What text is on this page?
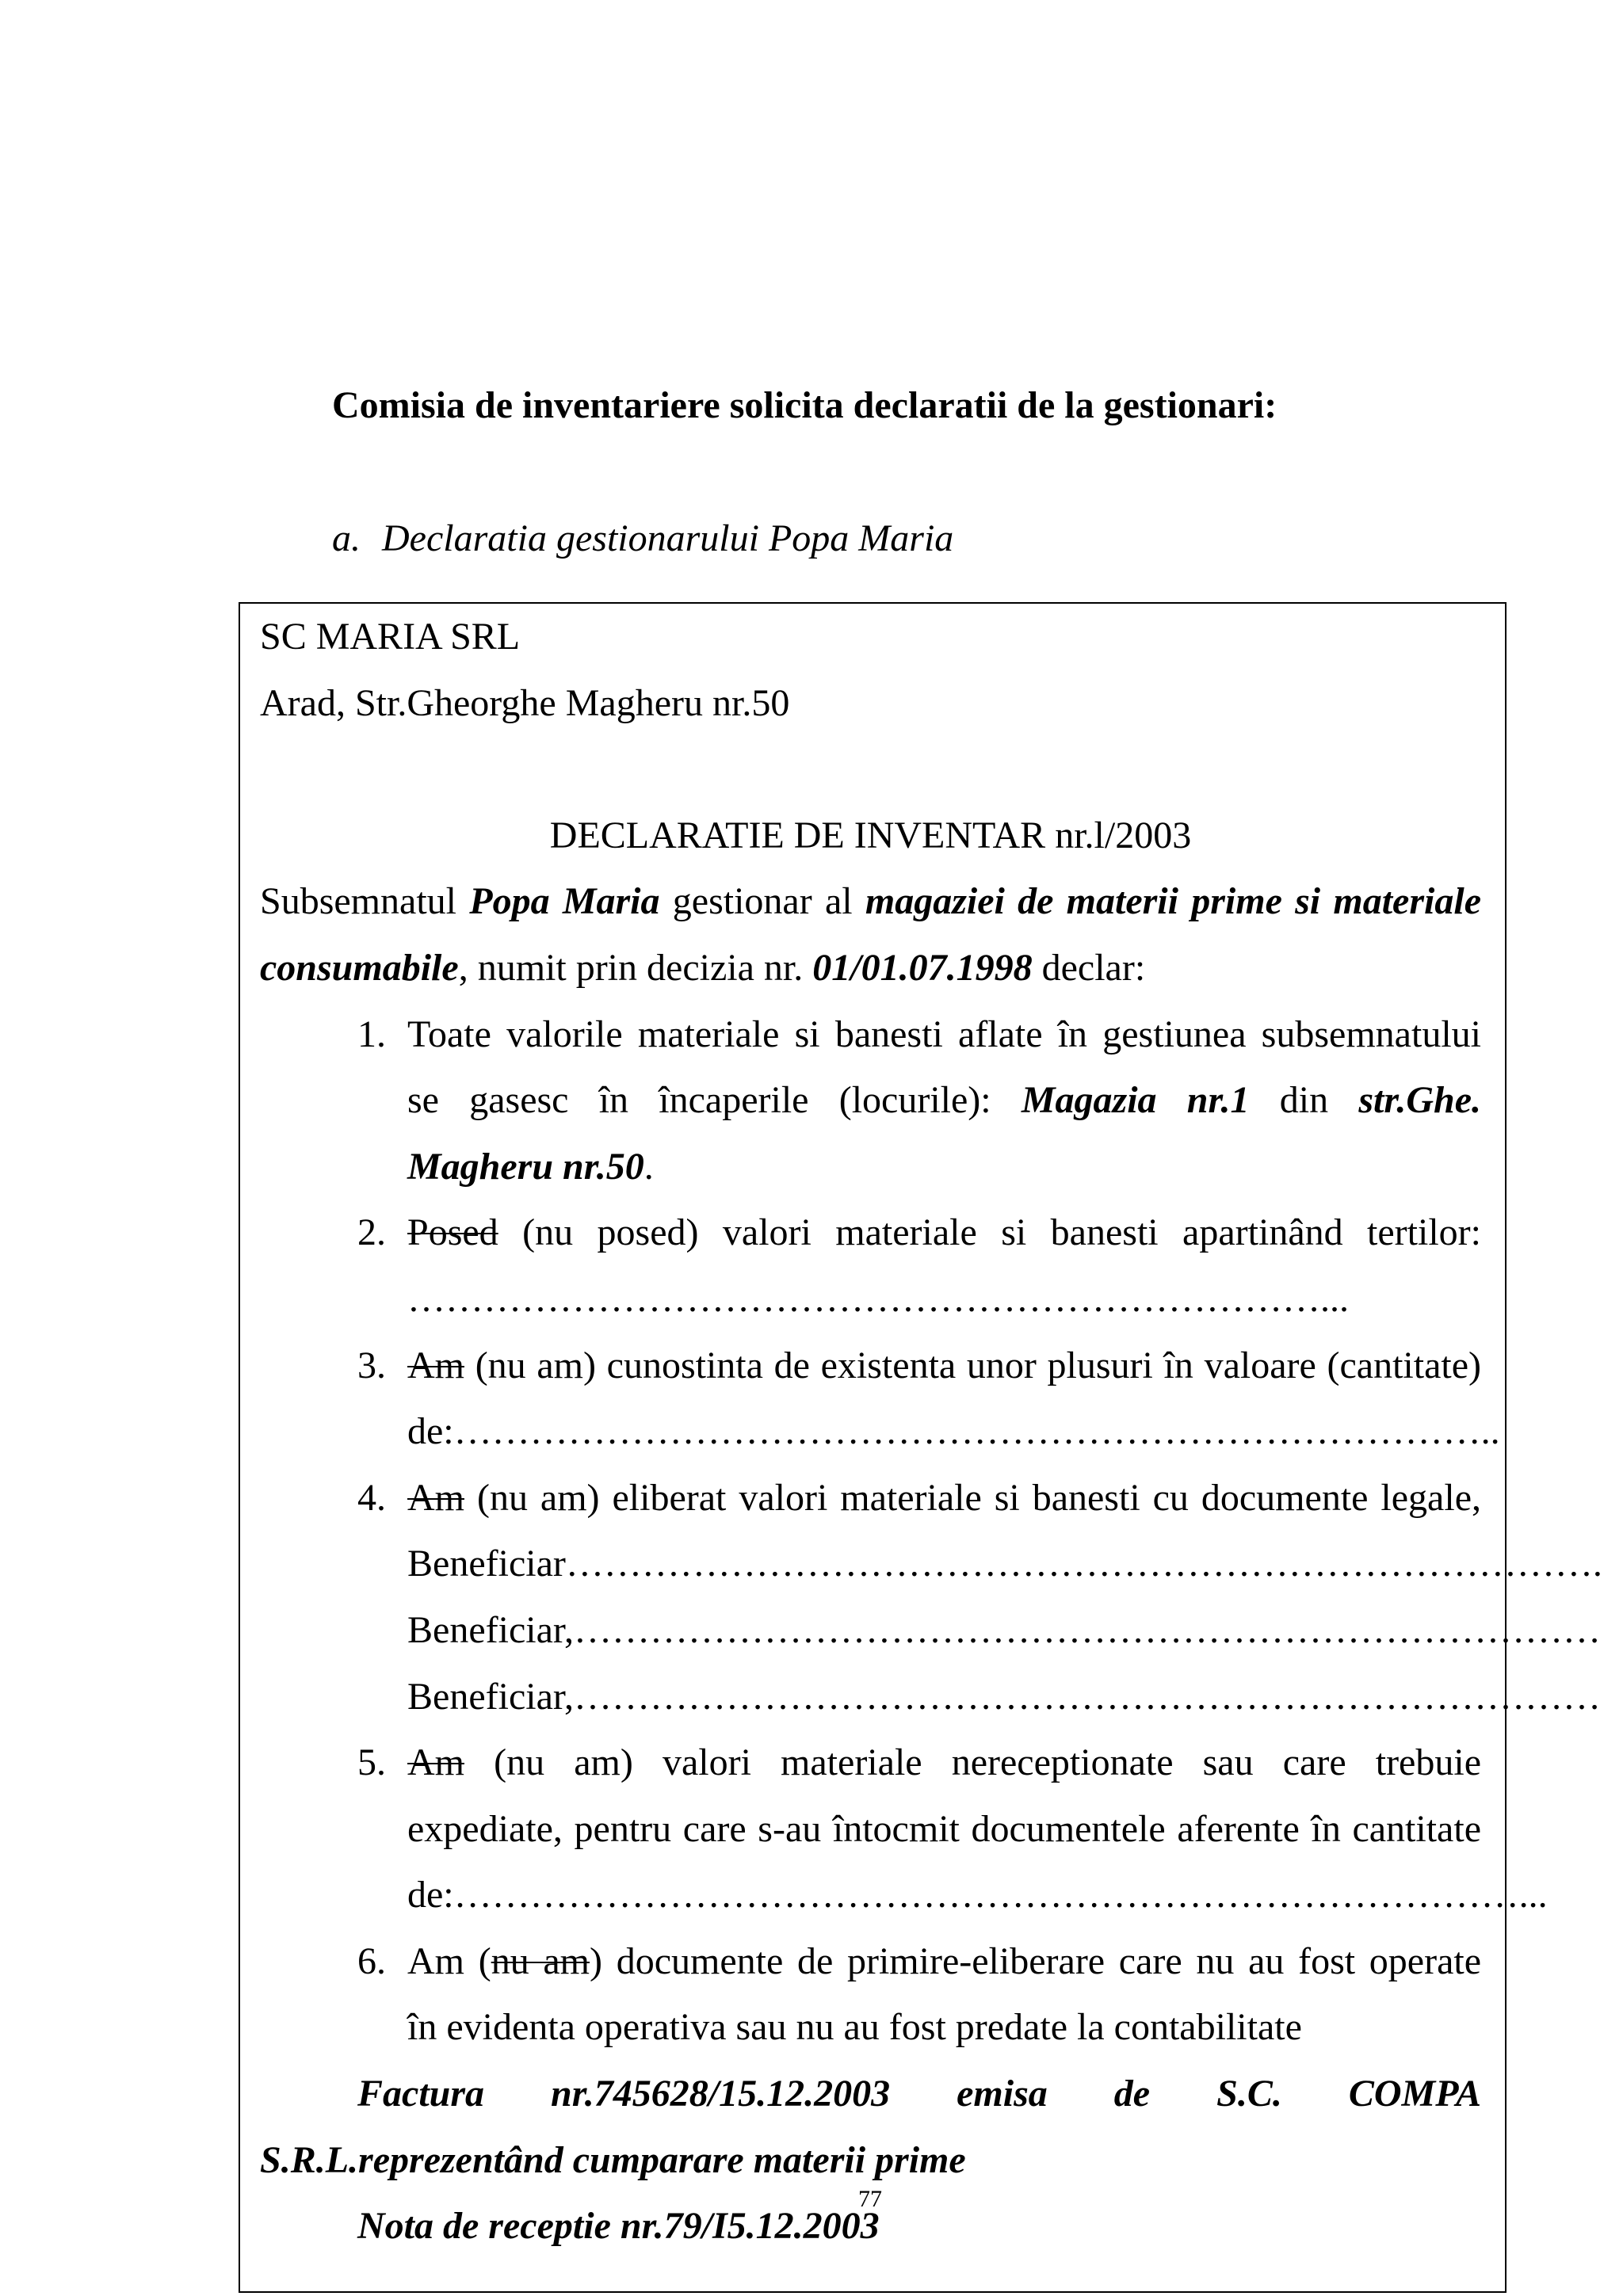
Comisia de inventariere solicita declaratii de la gestionari:
a. Declaratia gestionarului Popa Maria
SC MARIA SRL
Arad, Str.Gheorghe Magheru nr.50
DECLARATIE DE INVENTAR nr.l/2003
Subsemnatul Popa Maria gestionar al magaziei de materii prime si materiale
consumabile, numit prin decizia nr. 01/01.07.1998 declar:
1. Toate valorile materiale si banesti aflate în gestiunea subsemnatului
se gasesc în încaperile (locurile): Magazia nr.1 din str.Ghe.
Magheru nr.50.
2. Posed (nu posed) valori materiale si banesti apartinând tertilor:
………………………………………………………………...
3. Am (nu am) cunostinta de existenta unor plusuri în valoare (cantitate)
de:………………………………………………………………………..
4. Am (nu am) eliberat valori materiale si banesti cu documente legale,
Beneficiar……………………………………………………………………….
Beneficiar,………………………………………………………………………
Beneficiar,………………………………………………………………………
5. Am (nu am) valori materiale nereceptionate sau care trebuie
expediate, pentru care s-au întocmit documentele aferente în cantitate
de:…………………………………………………………………………...
6. Am (nu am) documente de primire-eliberare care nu au fost operate
în evidenta operativa sau nu au fost predate la contabilitate
Factura nr.745628/15.12.2003 emisa de S.C. COMPA
S.R.L.reprezentând cumparare materii prime
Nota de receptie nr.79/I5.12.2003
77
